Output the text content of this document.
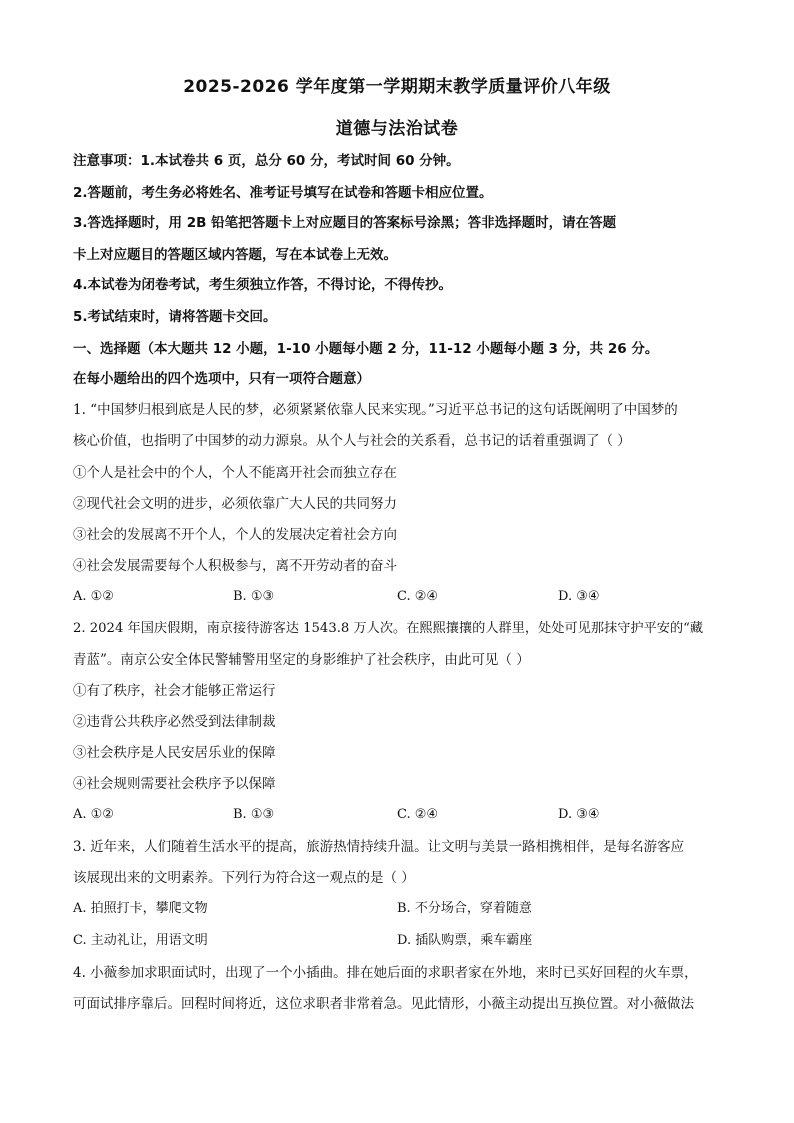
2025-2026 学年度第一学期期末教学质量评价八年级
道德与法治试卷
注意事项：1.本试卷共 6 页，总分 60 分，考试时间 60 分钟。
2.答题前，考生务必将姓名、准考证号填写在试卷和答题卡相应位置。
3.答选择题时，用 2B 铅笔把答题卡上对应题目的答案标号涂黑；答非选择题时，请在答题
卡上对应题目的答题区域内答题，写在本试卷上无效。
4.本试卷为闭卷考试，考生须独立作答，不得讨论，不得传抄。
5.考试结束时，请将答题卡交回。
一、选择题（本大题共 12 小题，1-10 小题每小题 2 分，11-12 小题每小题 3 分，共 26 分。
在每小题给出的四个选项中，只有一项符合题意）
1. “中国梦归根到底是人民的梦，必须紧紧依靠人民来实现。”习近平总书记的这句话既阐明了中国梦的
核心价值，也指明了中国梦的动力源泉。从个人与社会的关系看，总书记的话着重强调了（ ）
①个人是社会中的个人，个人不能离开社会而独立存在
②现代社会文明的进步，必须依靠广大人民的共同努力
③社会的发展离不开个人，个人的发展决定着社会方向
④社会发展需要每个人积极参与，离不开劳动者的奋斗
A. ①②	B. ①③	C. ②④	D. ③④
2. 2024 年国庆假期，南京接待游客达 1543.8 万人次。在熙熙攘攘的人群里，处处可见那抹守护平安的“藏
青蓝”。南京公安全体民警辅警用坚定的身影维护了社会秩序，由此可见（ ）
①有了秩序，社会才能够正常运行
②违背公共秩序必然受到法律制裁
③社会秩序是人民安居乐业的保障
④社会规则需要社会秩序予以保障
A. ①②	B. ①③	C. ②④	D. ③④
3. 近年来，人们随着生活水平的提高，旅游热情持续升温。让文明与美景一路相携相伴，是每名游客应
该展现出来的文明素养。下列行为符合这一观点的是（ ）
A. 拍照打卡，攀爬文物	B. 不分场合，穿着随意
C. 主动礼让，用语文明	D. 插队购票，乘车霸座
4. 小薇参加求职面试时，出现了一个小插曲。排在她后面的求职者家在外地，来时已买好回程的火车票，
可面试排序靠后。回程时间将近，这位求职者非常着急。见此情形，小薇主动提出互换位置。对小薇做法
